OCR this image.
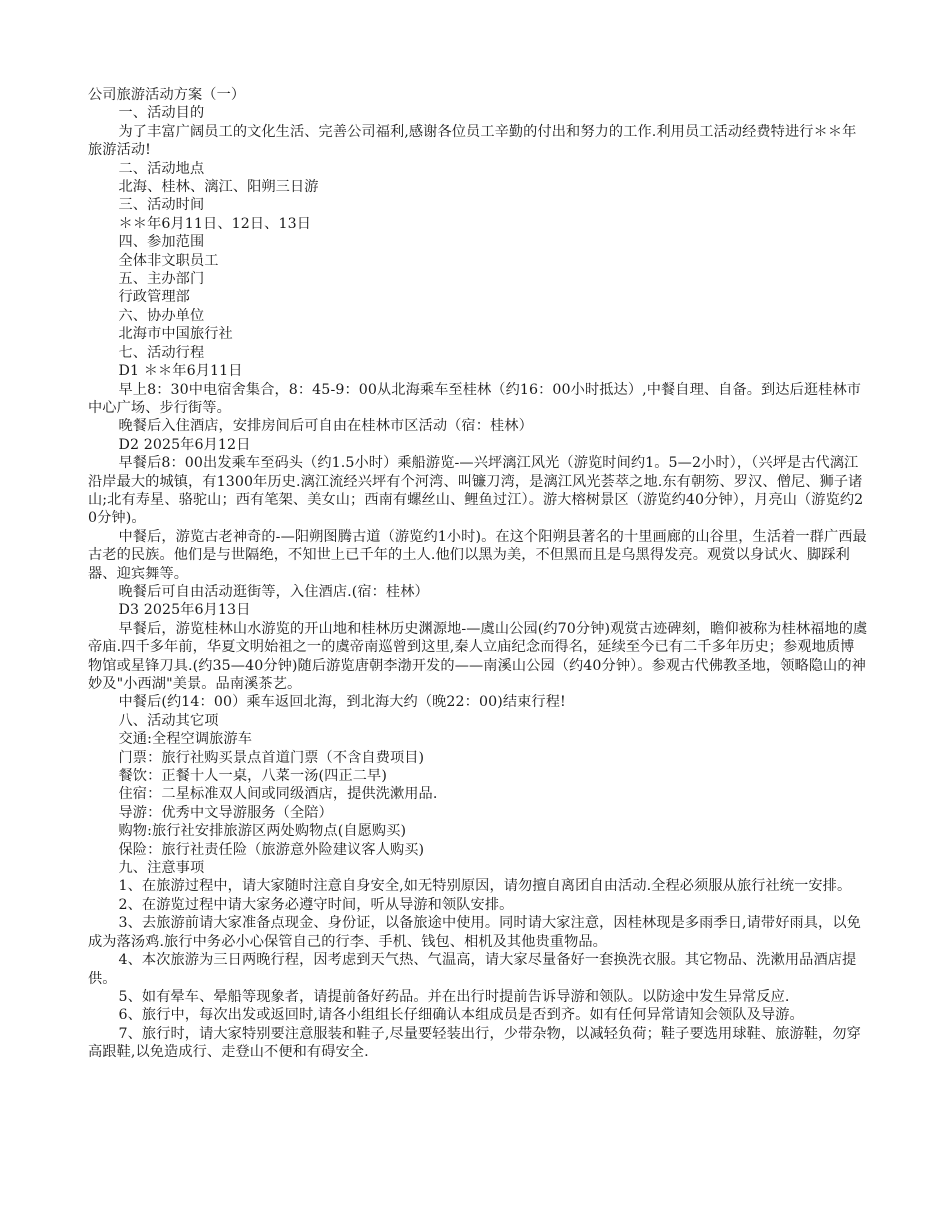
公司旅游活动方案（一）
一、活动目的
为了丰富广阔员工的文化生活、完善公司福利,感谢各位员工辛勤的付出和努力的工作.利用员工活动经费特进行＊＊年旅游活动!
二、活动地点
北海、桂林、漓江、阳朔三日游
三、活动时间
＊＊年6月11日、12日、13日
四、参加范围
全体非文职员工
五、主办部门
行政管理部
六、协办单位
北海市中国旅行社
七、活动行程
D1 ＊＊年6月11日
早上8：30中电宿舍集合，8：45-9：00从北海乘车至桂林（约16：00小时抵达）,中餐自理、自备。到达后逛桂林市中心广场、步行街等。
晚餐后入住酒店，安排房间后可自由在桂林市区活动（宿：桂林）
D2 2025年6月12日
早餐后8：00出发乘车至码头（约1.5小时）乘船游览-—兴坪漓江风光（游览时间约1。5—2小时），（兴坪是古代漓江沿岸最大的城镇，有1300年历史.漓江流经兴坪有个河湾、叫镰刀湾，是漓江风光荟萃之地.东有朝笏、罗汉、僧尼、狮子诸山;北有寿星、骆驼山；西有笔架、美女山；西南有螺丝山、鲤鱼过江）。游大榕树景区（游览约40分钟），月亮山（游览约20分钟)。
中餐后，游览古老神奇的-—阳朔图腾古道（游览约1小时)。在这个阳朔县著名的十里画廊的山谷里，生活着一群广西最古老的民族。他们是与世隔绝，不知世上已千年的土人.他们以黑为美，不但黑而且是乌黑得发亮。观赏以身试火、脚踩利器、迎宾舞等。
晚餐后可自由活动逛街等，入住酒店.(宿：桂林）
D3 2025年6月13日
早餐后，游览桂林山水游览的开山地和桂林历史渊源地-—虞山公园(约70分钟)观赏古迹碑刻，瞻仰被称为桂林福地的虞帝庙.四千多年前，华夏文明始祖之一的虞帝南巡曾到这里,秦人立庙纪念而得名，延续至今已有二千多年历史；参观地质博物馆或星锋刀具.(约35—40分钟)随后游览唐朝李渤开发的——南溪山公园（约40分钟）。参观古代佛教圣地，领略隐山的神妙及"小西湖"美景。品南溪茶艺。
中餐后(约14：00）乘车返回北海，到北海大约（晚22：00)结束行程!
八、活动其它项
交通:全程空调旅游车
门票：旅行社购买景点首道门票（不含自费项目)
餐饮：正餐十人一桌，八菜一汤(四正二早)
住宿：二星标准双人间或同级酒店，提供洗漱用品.
导游：优秀中文导游服务（全陪）
购物:旅行社安排旅游区两处购物点(自愿购买)
保险：旅行社责任险（旅游意外险建议客人购买)
九、注意事项
1、在旅游过程中，请大家随时注意自身安全,如无特别原因，请勿擅自离团自由活动.全程必须服从旅行社统一安排。
2、在游览过程中请大家务必遵守时间，听从导游和领队安排。
3、去旅游前请大家准备点现金、身份证，以备旅途中使用。同时请大家注意，因桂林现是多雨季日,请带好雨具，以免成为落汤鸡.旅行中务必小心保管自己的行李、手机、钱包、相机及其他贵重物品。
4、本次旅游为三日两晚行程，因考虑到天气热、气温高，请大家尽量备好一套换洗衣服。其它物品、洗漱用品酒店提供。
5、如有晕车、晕船等现象者，请提前备好药品。并在出行时提前告诉导游和领队。以防途中发生异常反应.
6、旅行中，每次出发或返回时,请各小组组长仔细确认本组成员是否到齐。如有任何异常请知会领队及导游。
7、旅行时，请大家特别要注意服装和鞋子,尽量要轻装出行，少带杂物，以减轻负荷；鞋子要选用球鞋、旅游鞋，勿穿高跟鞋,以免造成行、走登山不便和有碍安全.
